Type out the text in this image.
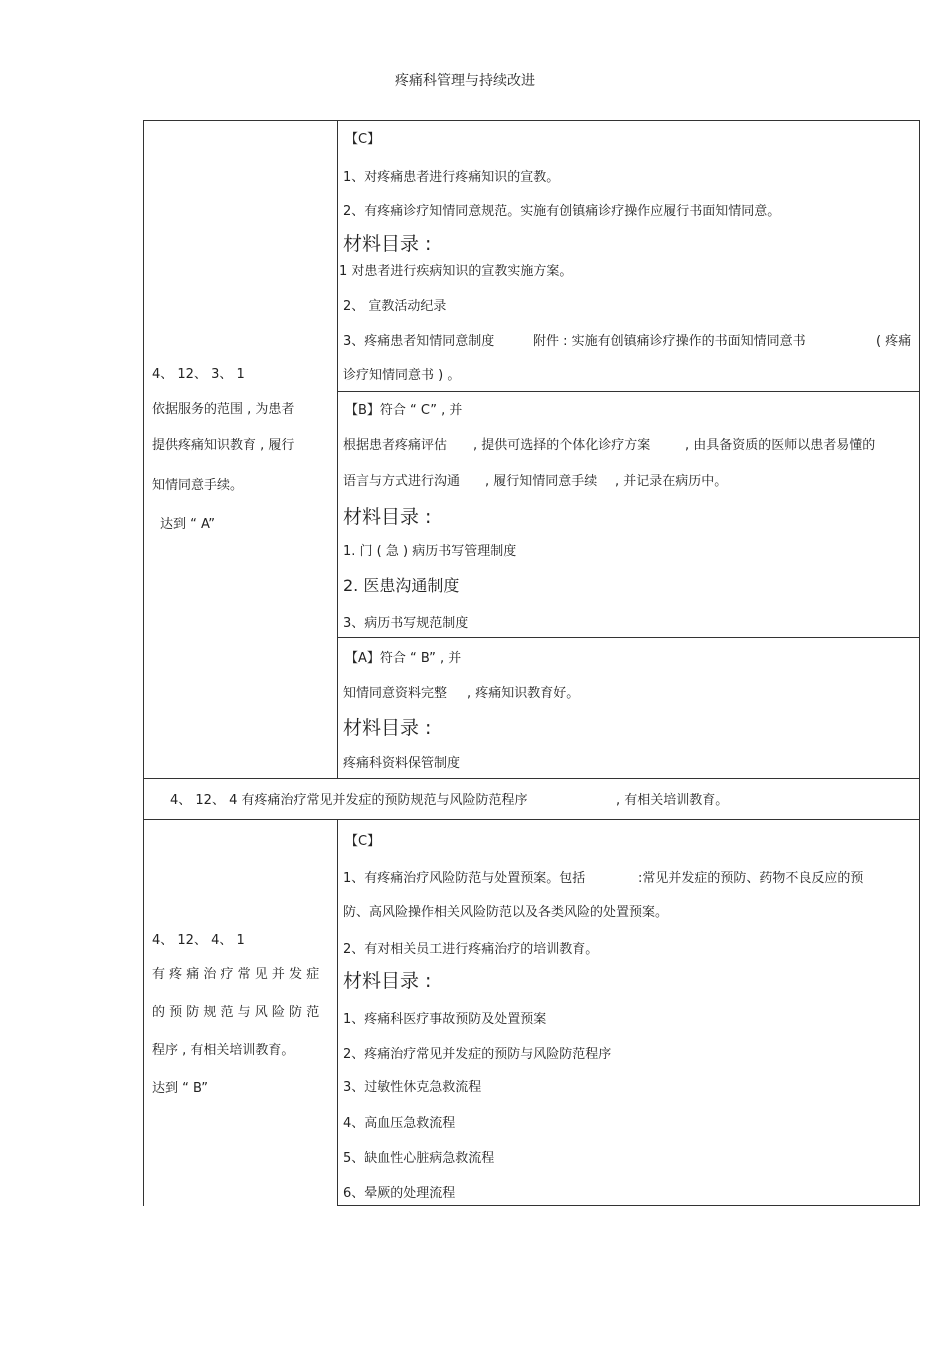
疼痛科管理与持续改进
4、 12、 3、 1
依据服务的范围 , 为患者
提供疼痛知识教育 , 履行
知情同意手续。
达到 “ A”
【C】
1、对疼痛患者进行疼痛知识的宣教。
2、有疼痛诊疗知情同意规范。实施有创镇痛诊疗操作应履行书面知情同意。
材料目录 :
1 对患者进行疾病知识的宣教实施方案。
2、 宣教活动纪录
3、疼痛患者知情同意制度	附件 : 实施有创镇痛诊疗操作的书面知情同意书	( 疼痛
诊疗知情同意书 ) 。
【B】符合 “ C” , 并
根据患者疼痛评估 , 提供可选择的个体化诊疗方案	, 由具备资质的医师以患者易懂的
语言与方式进行沟通 , 履行知情同意手续 , 并记录在病历中。
材料目录 :
1. 门 ( 急 ) 病历书写管理制度
2. 医患沟通制度
3、病历书写规范制度
【A】符合 “ B” , 并
知情同意资料完整 , 疼痛知识教育好。
材料目录 :
疼痛科资料保管制度
4、 12、 4 有疼痛治疗常见并发症的预防规范与风险防范程序	, 有相关培训教育。
4、 12、 4、 1
有 疼 痛 治 疗 常 见 并 发 症
的 预 防 规 范 与 风 险 防 范
程序 , 有相关培训教育。
达到 “ B”
【C】
1、有疼痛治疗风险防范与处置预案。包括	:常见并发症的预防、药物不良反应的预
防、高风险操作相关风险防范以及各类风险的处置预案。
2、有对相关员工进行疼痛治疗的培训教育。
材料目录 :
1、疼痛科医疗事故预防及处置预案
2、疼痛治疗常见并发症的预防与风险防范程序
3、过敏性休克急救流程
4、高血压急救流程
5、缺血性心脏病急救流程
6、晕厥的处理流程
